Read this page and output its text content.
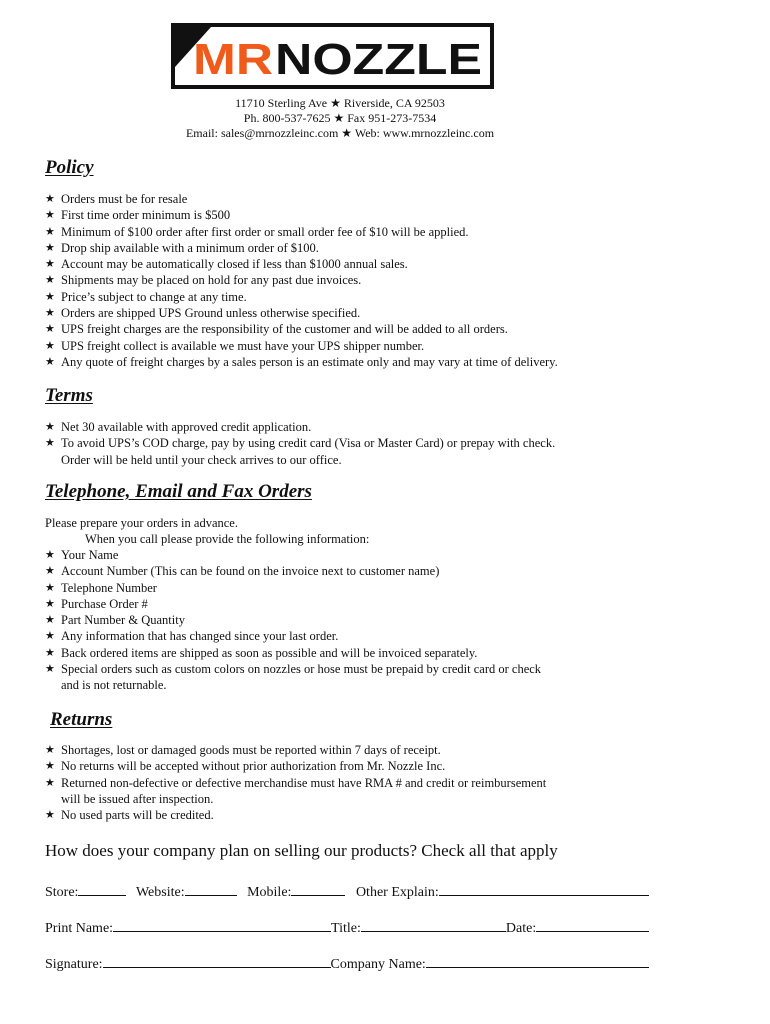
MR NOZZLE
11710 Sterling Ave ★ Riverside, CA 92503
Ph. 800-537-7625 ★ Fax 951-273-7534
Email: sales@mrnozzleinc.com ★ Web: www.mrnozzleinc.com
Policy
★ Orders must be for resale
★ First time order minimum is $500
★ Minimum of $100 order after first order or small order fee of $10 will be applied.
★ Drop ship available with a minimum order of $100.
★ Account may be automatically closed if less than $1000 annual sales.
★ Shipments may be placed on hold for any past due invoices.
★ Price’s subject to change at any time.
★ Orders are shipped UPS Ground unless otherwise specified.
★ UPS freight charges are the responsibility of the customer and will be added to all orders.
★ UPS freight collect is available we must have your UPS shipper number.
★ Any quote of freight charges by a sales person is an estimate only and may vary at time of delivery.
Terms
★ Net 30 available with approved credit application.
★ To avoid UPS’s COD charge, pay by using credit card (Visa or Master Card) or prepay with check.
Order will be held until your check arrives to our office.
Telephone, Email and Fax Orders
Please prepare your orders in advance.
When you call please provide the following information:
★ Your Name
★ Account Number (This can be found on the invoice next to customer name)
★ Telephone Number
★ Purchase Order #
★ Part Number & Quantity
★ Any information that has changed since your last order.
★ Back ordered items are shipped as soon as possible and will be invoiced separately.
★ Special orders such as custom colors on nozzles or hose must be prepaid by credit card or check
and is not returnable.
Returns
★ Shortages, lost or damaged goods must be reported within 7 days of receipt.
★ No returns will be accepted without prior authorization from Mr. Nozzle Inc.
★ Returned non-defective or defective merchandise must have RMA # and credit or reimbursement
will be issued after inspection.
★ No used parts will be credited.
How does your company plan on selling our products? Check all that apply
Store:	Website:	Mobile:	Other Explain:
Print Name:	Title:	Date:
Signature:	Company Name:
